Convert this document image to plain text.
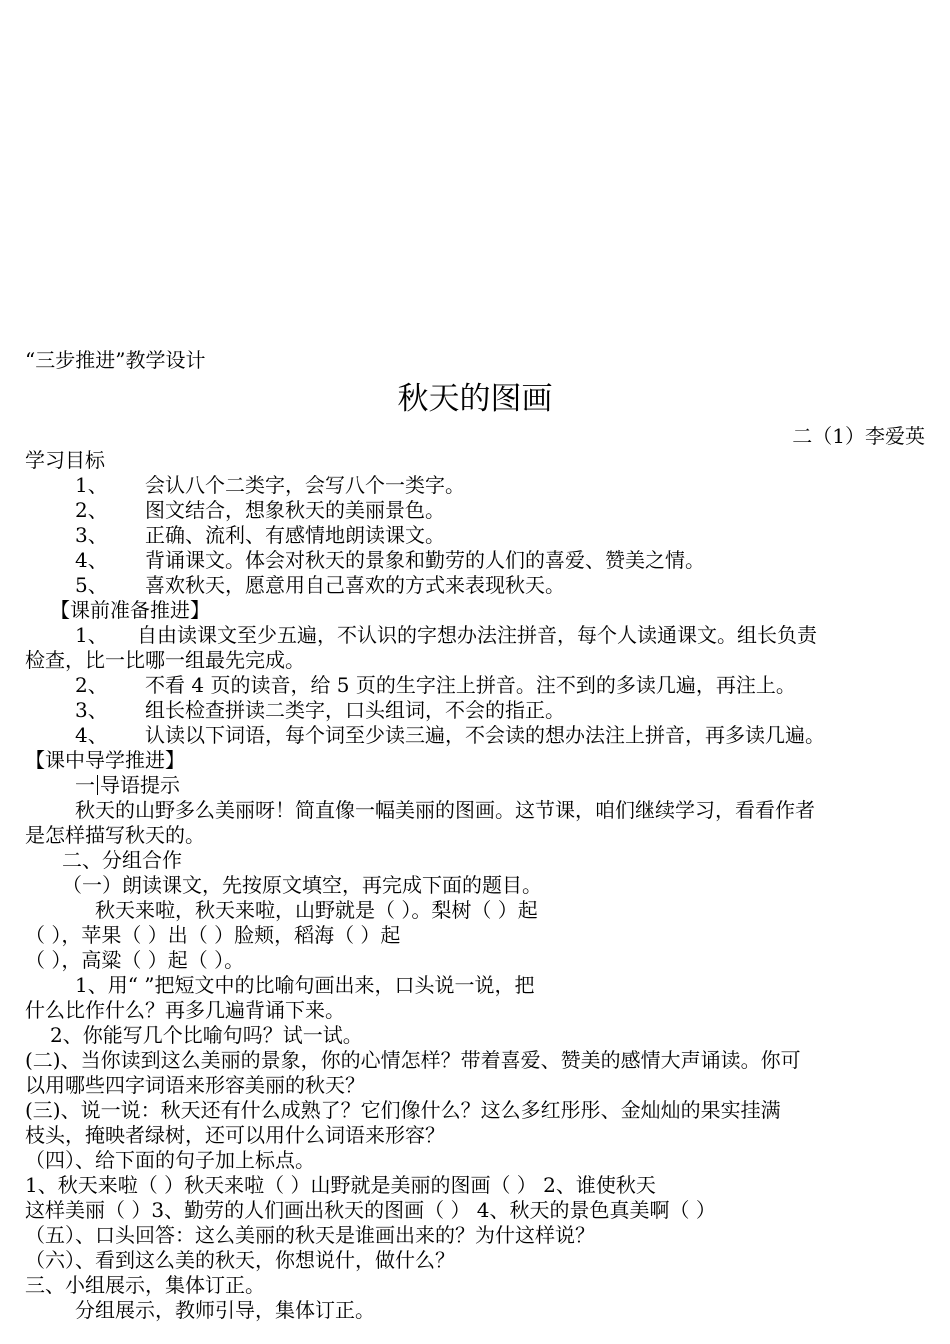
“三步推进”教学设计
秋天的图画
二（1）李爱英
学习目标
1、 会认八个二类字，会写八个一类字。
2、 图文结合，想象秋天的美丽景色。
3、 正确、流利、有感情地朗读课文。
4、 背诵课文。体会对秋天的景象和勤劳的人们的喜爱、赞美之情。
5、 喜欢秋天，愿意用自己喜欢的方式来表现秋天。
【课前准备推进】
1、 自由读课文至少五遍，不认识的字想办法注拼音，每个人读通课文。组长负责
检查，比一比哪一组最先完成。
2、 不看 4 页的读音，给 5 页的生字注上拼音。注不到的多读几遍，再注上。
3、 组长检查拼读二类字，口头组词，不会的指正。
4、 认读以下词语，每个词至少读三遍，不会读的想办法注上拼音，再多读几遍。
【课中导学推进】
一 导语提示
秋天的山野多么美丽呀！简直像一幅美丽的图画。这节课，咱们继续学习，看看作者
是怎样描写秋天的。
二、分组合作
（一）朗读课文，先按原文填空，再完成下面的题目。
秋天来啦，秋天来啦，山野就是（ ）。梨树（ ）起
（ ），苹果（ ）出（ ）脸颊，稻海（ ）起
（ ），高粱（ ）起（ ）。
1、用“ ”把短文中的比喻句画出来，口头说一说，把
什么比作什么？再多几遍背诵下来。
2、你能写几个比喻句吗？试一试。
(二)、当你读到这么美丽的景象，你的心情怎样？带着喜爱、赞美的感情大声诵读。你可
以用哪些四字词语来形容美丽的秋天？
(三)、说一说：秋天还有什么成熟了？它们像什么？这么多红彤彤、金灿灿的果实挂满
枝头，掩映者绿树，还可以用什么词语来形容？
（四）、给下面的句子加上标点。
1、秋天来啦（ ）秋天来啦（ ）山野就是美丽的图画（ ） 2、谁使秋天
这样美丽（ ）3、勤劳的人们画出秋天的图画（ ） 4、秋天的景色真美啊（ ）
（五）、口头回答：这么美丽的秋天是谁画出来的？为什这样说？
（六）、看到这么美的秋天，你想说什，做什么？
三、小组展示，集体订正。
分组展示，教师引导，集体订正。
